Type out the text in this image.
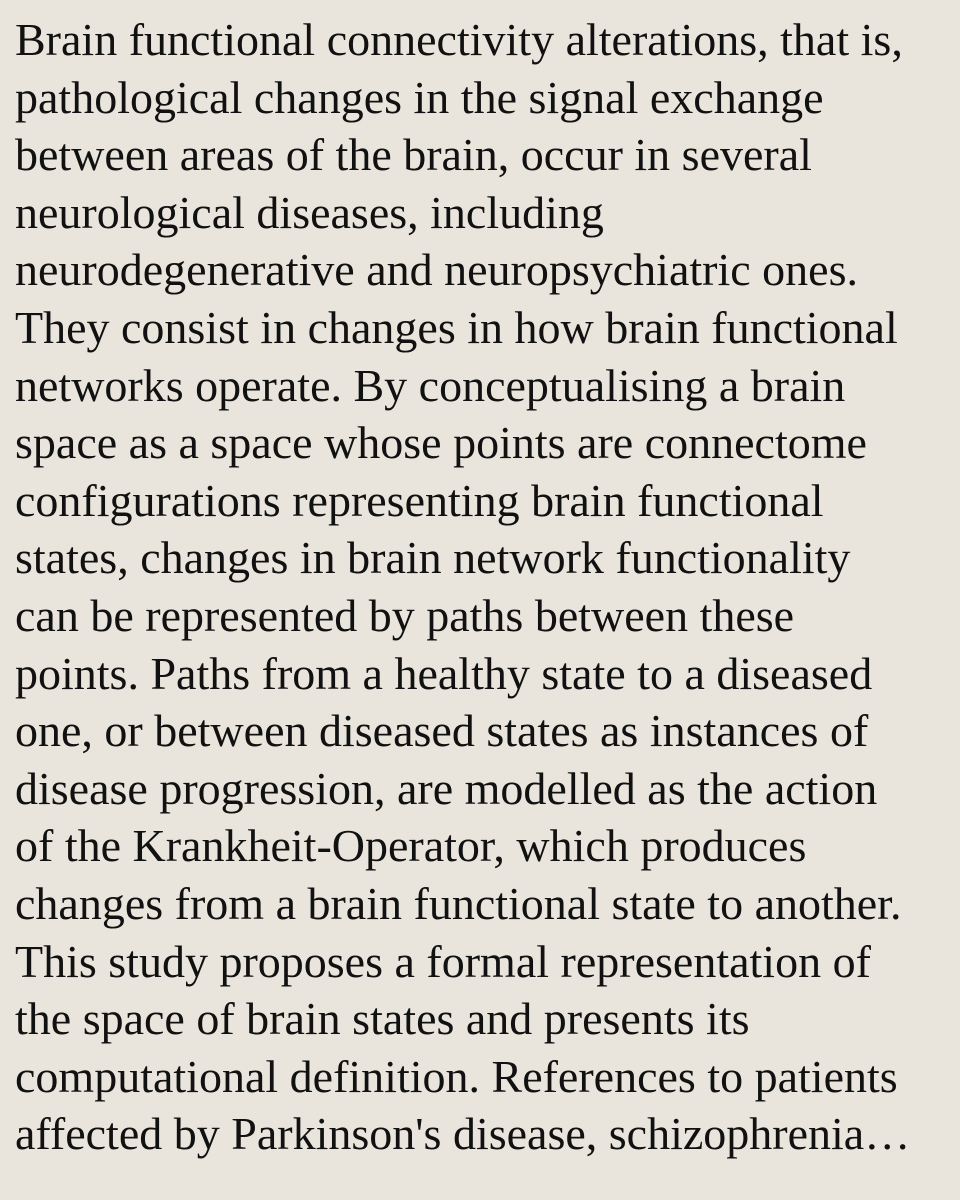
Brain functional connectivity alterations, that is,
pathological changes in the signal exchange
between areas of the brain, occur in several
neurological diseases, including
neurodegenerative and neuropsychiatric ones.
They consist in changes in how brain functional
networks operate. By conceptualising a brain
space as a space whose points are connectome
configurations representing brain functional
states, changes in brain network functionality
can be represented by paths between these
points. Paths from a healthy state to a diseased
one, or between diseased states as instances of
disease progression, are modelled as the action
of the Krankheit-Operator, which produces
changes from a brain functional state to another.
This study proposes a formal representation of
the space of brain states and presents its
computational definition. References to patients
affected by Parkinson's disease, schizophrenia…
